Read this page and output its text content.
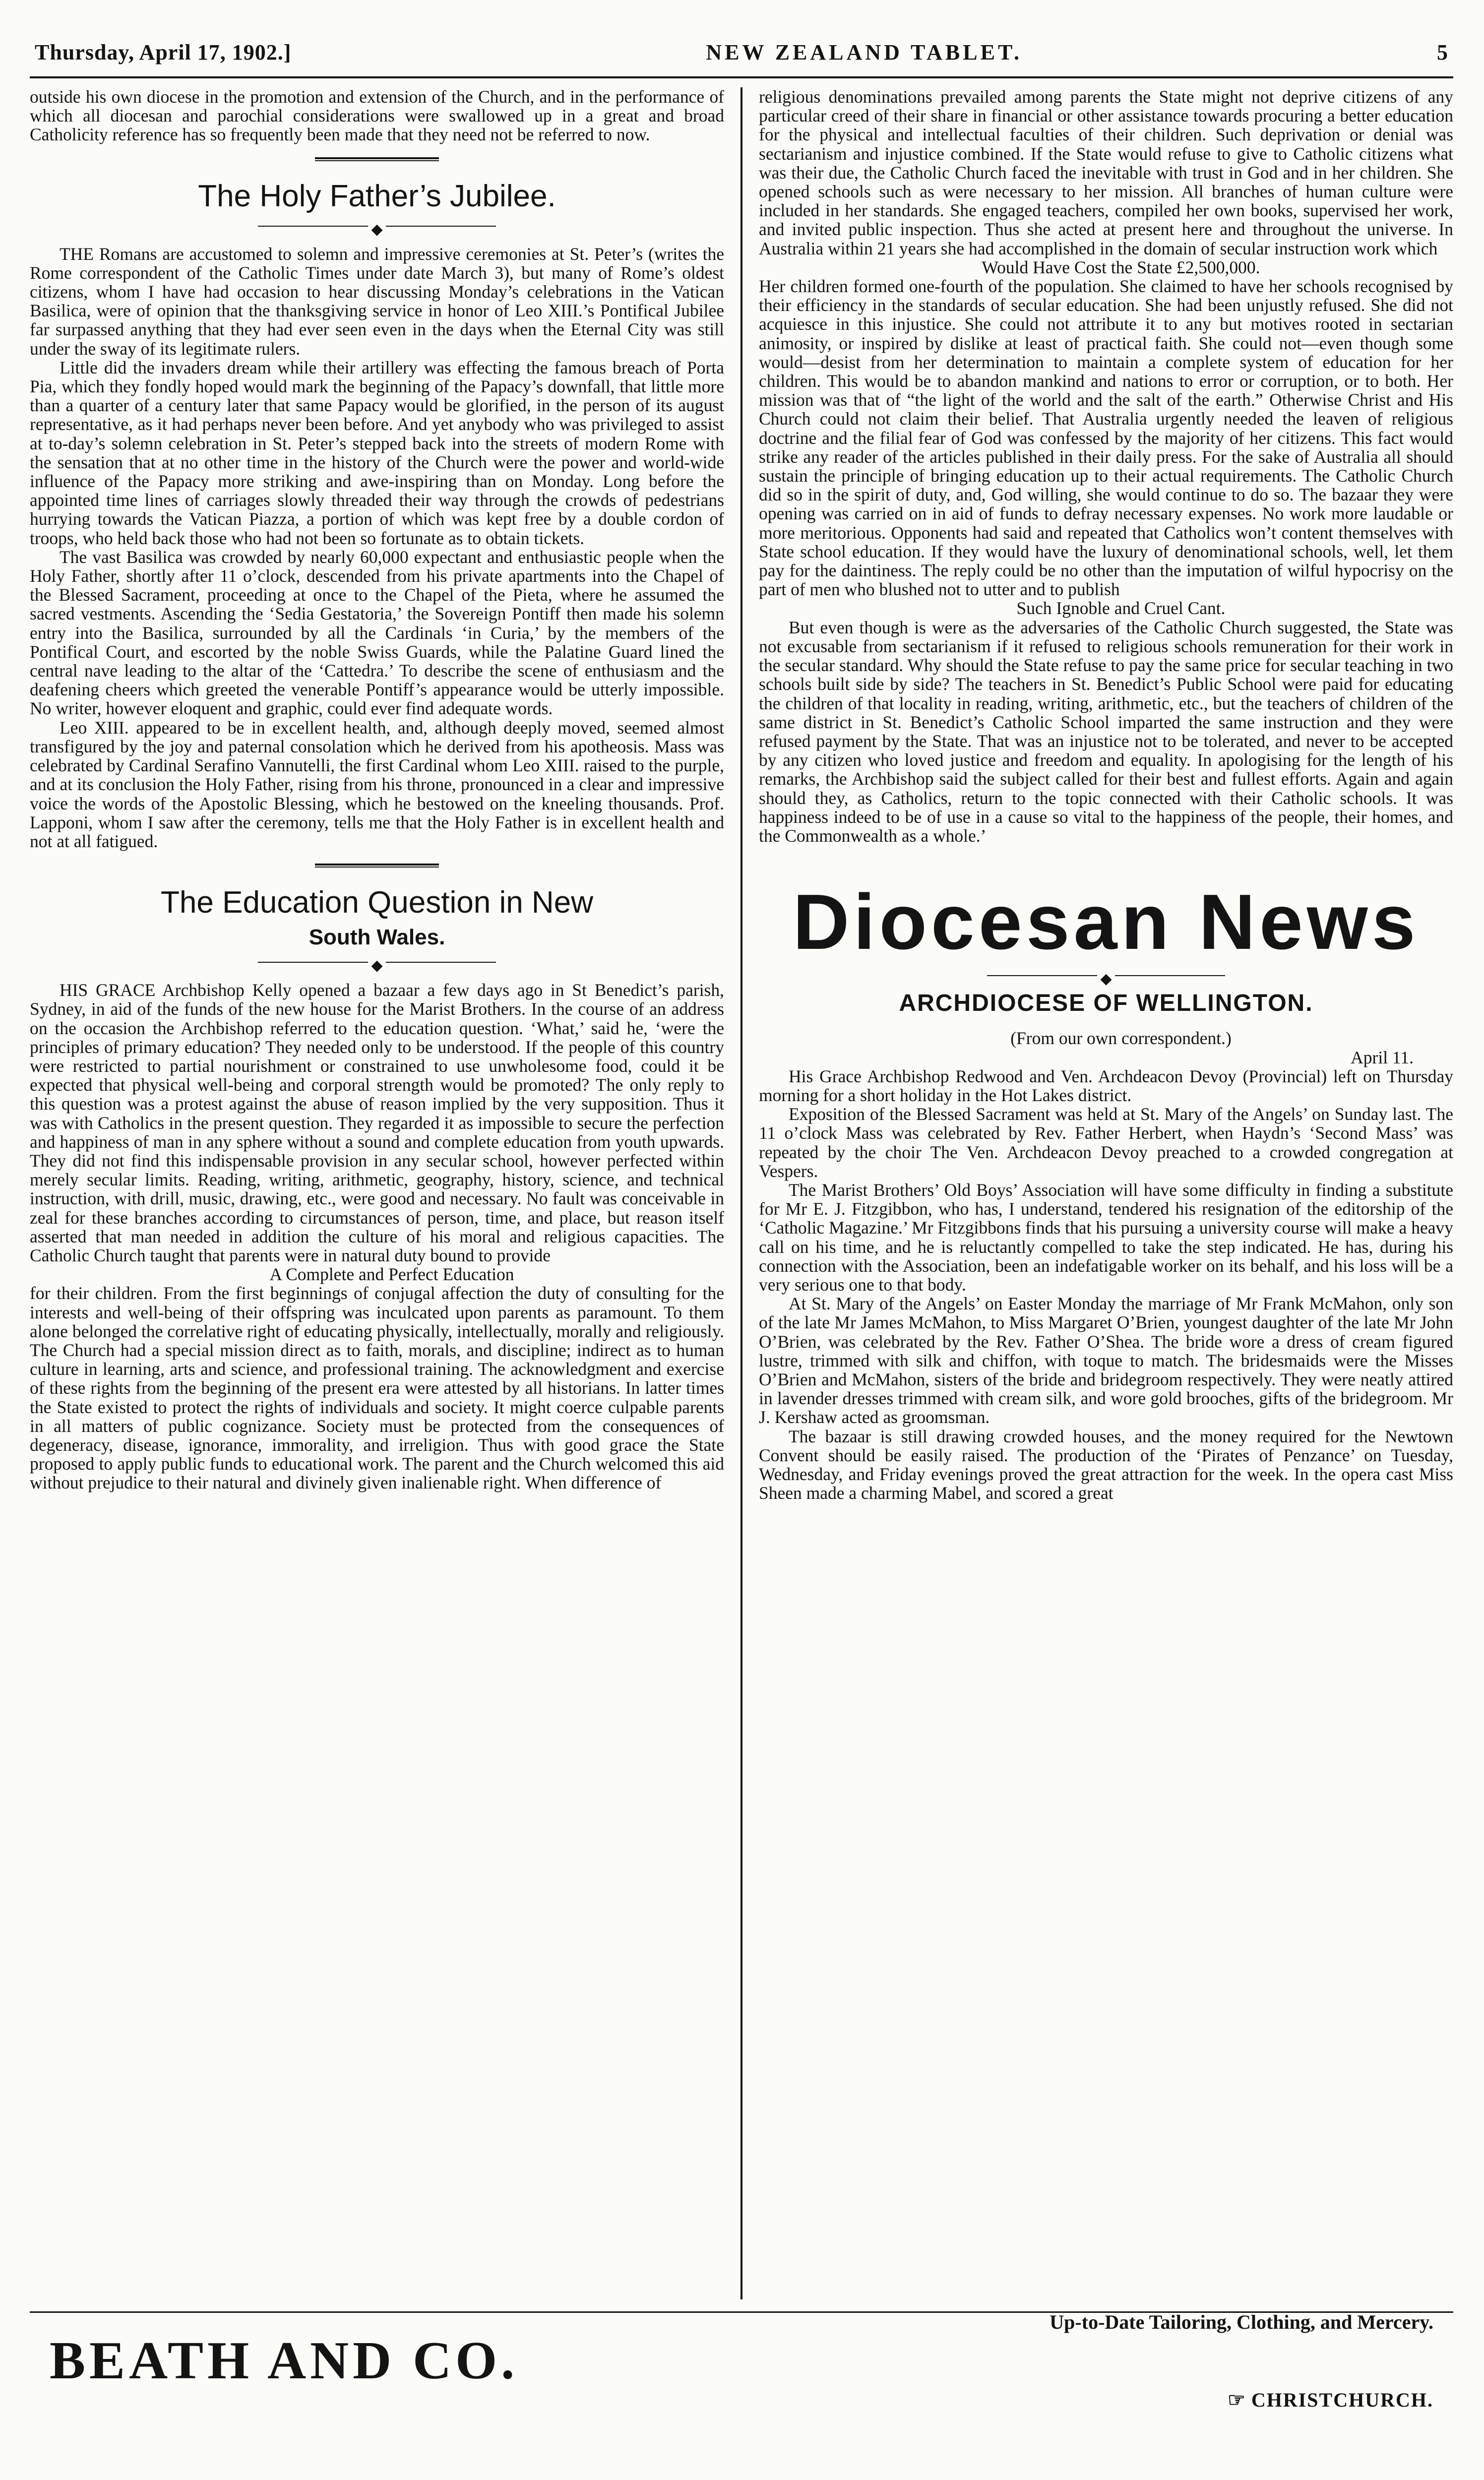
Thursday, April 17, 1902.]	NEW ZEALAND TABLET.	5

outside his own diocese in the promotion and extension of the Church, and in the performance of which all diocesan and parochial considerations were swallowed up in a great and broad Catholicity reference has so frequently been made that they need not be referred to now.

The Holy Father’s Jubilee.
◆

THE Romans are accustomed to solemn and impressive ceremonies at St. Peter’s (writes the Rome correspondent of the Catholic Times under date March 3), but many of Rome’s oldest citizens, whom I have had occasion to hear discussing Monday’s celebrations in the Vatican Basilica, were of opinion that the thanksgiving service in honor of Leo XIII.’s Pontifical Jubilee far surpassed anything that they had ever seen even in the days when the Eternal City was still under the sway of its legitimate rulers.

Little did the invaders dream while their artillery was effecting the famous breach of Porta Pia, which they fondly hoped would mark the beginning of the Papacy’s downfall, that little more than a quarter of a century later that same Papacy would be glorified, in the person of its august representative, as it had perhaps never been before. And yet anybody who was privileged to assist at to-day’s solemn celebration in St. Peter’s stepped back into the streets of modern Rome with the sensation that at no other time in the history of the Church were the power and world-wide influence of the Papacy more striking and awe-inspiring than on Monday. Long before the appointed time lines of carriages slowly threaded their way through the crowds of pedestrians hurrying towards the Vatican Piazza, a portion of which was kept free by a double cordon of troops, who held back those who had not been so fortunate as to obtain tickets.

The vast Basilica was crowded by nearly 60,000 expectant and enthusiastic people when the Holy Father, shortly after 11 o’clock, descended from his private apartments into the Chapel of the Blessed Sacrament, proceeding at once to the Chapel of the Pieta, where he assumed the sacred vestments. Ascending the ‘Sedia Gestatoria,’ the Sovereign Pontiff then made his solemn entry into the Basilica, surrounded by all the Cardinals ‘in Curia,’ by the members of the Pontifical Court, and escorted by the noble Swiss Guards, while the Palatine Guard lined the central nave leading to the altar of the ‘Cattedra.’ To describe the scene of enthusiasm and the deafening cheers which greeted the venerable Pontiff’s appearance would be utterly impossible. No writer, however eloquent and graphic, could ever find adequate words.

Leo XIII. appeared to be in excellent health, and, although deeply moved, seemed almost transfigured by the joy and paternal consolation which he derived from his apotheosis. Mass was celebrated by Cardinal Serafino Vannutelli, the first Cardinal whom Leo XIII. raised to the purple, and at its conclusion the Holy Father, rising from his throne, pronounced in a clear and impressive voice the words of the Apostolic Blessing, which he bestowed on the kneeling thousands. Prof. Lapponi, whom I saw after the ceremony, tells me that the Holy Father is in excellent health and not at all fatigued.

The Education Question in New
South Wales.
◆

HIS GRACE Archbishop Kelly opened a bazaar a few days ago in St Benedict’s parish, Sydney, in aid of the funds of the new house for the Marist Brothers. In the course of an address on the occasion the Archbishop referred to the education question. ‘What,’ said he, ‘were the principles of primary education? They needed only to be understood. If the people of this country were restricted to partial nourishment or constrained to use unwholesome food, could it be expected that physical well-being and corporal strength would be promoted? The only reply to this question was a protest against the abuse of reason implied by the very supposition. Thus it was with Catholics in the present question. They regarded it as impossible to secure the perfection and happiness of man in any sphere without a sound and complete education from youth upwards. They did not find this indispensable provision in any secular school, however perfected within merely secular limits. Reading, writing, arithmetic, geography, history, science, and technical instruction, with drill, music, drawing, etc., were good and necessary. No fault was conceivable in zeal for these branches according to circumstances of person, time, and place, but reason itself asserted that man needed in addition the culture of his moral and religious capacities. The Catholic Church taught that parents were in natural duty bound to provide

A Complete and Perfect Education

for their children. From the first beginnings of conjugal affection the duty of consulting for the interests and well-being of their offspring was inculcated upon parents as paramount. To them alone belonged the correlative right of educating physically, intellectually, morally and religiously. The Church had a special mission direct as to faith, morals, and discipline; indirect as to human culture in learning, arts and science, and professional training. The acknowledgment and exercise of these rights from the beginning of the present era were attested by all historians. In latter times the State existed to protect the rights of individuals and society. It might coerce culpable parents in all matters of public cognizance. Society must be protected from the consequences of degeneracy, disease, ignorance, immorality, and irreligion. Thus with good grace the State proposed to apply public funds to educational work. The parent and the Church welcomed this aid without prejudice to their natural and divinely given inalienable right. When difference of

religious denominations prevailed among parents the State might not deprive citizens of any particular creed of their share in financial or other assistance towards procuring a better education for the physical and intellectual faculties of their children. Such deprivation or denial was sectarianism and injustice combined. If the State would refuse to give to Catholic citizens what was their due, the Catholic Church faced the inevitable with trust in God and in her children. She opened schools such as were necessary to her mission. All branches of human culture were included in her standards. She engaged teachers, compiled her own books, supervised her work, and invited public inspection. Thus she acted at present here and throughout the universe. In Australia within 21 years she had accomplished in the domain of secular instruction work which

Would Have Cost the State £2,500,000.

Her children formed one-fourth of the population. She claimed to have her schools recognised by their efficiency in the standards of secular education. She had been unjustly refused. She did not acquiesce in this injustice. She could not attribute it to any but motives rooted in sectarian animosity, or inspired by dislike at least of practical faith. She could not—even though some would—desist from her determination to maintain a complete system of education for her children. This would be to abandon mankind and nations to error or corruption, or to both. Her mission was that of “the light of the world and the salt of the earth.” Otherwise Christ and His Church could not claim their belief. That Australia urgently needed the leaven of religious doctrine and the filial fear of God was confessed by the majority of her citizens. This fact would strike any reader of the articles published in their daily press. For the sake of Australia all should sustain the principle of bringing education up to their actual requirements. The Catholic Church did so in the spirit of duty, and, God willing, she would continue to do so. The bazaar they were opening was carried on in aid of funds to defray necessary expenses. No work more laudable or more meritorious. Opponents had said and repeated that Catholics won’t content themselves with State school education. If they would have the luxury of denominational schools, well, let them pay for the daintiness. The reply could be no other than the imputation of wilful hypocrisy on the part of men who blushed not to utter and to publish

Such Ignoble and Cruel Cant.

But even though is were as the adversaries of the Catholic Church suggested, the State was not excusable from sectarianism if it refused to religious schools remuneration for their work in the secular standard. Why should the State refuse to pay the same price for secular teaching in two schools built side by side? The teachers in St. Benedict’s Public School were paid for educating the children of that locality in reading, writing, arithmetic, etc., but the teachers of children of the same district in St. Benedict’s Catholic School imparted the same instruction and they were refused payment by the State. That was an injustice not to be tolerated, and never to be accepted by any citizen who loved justice and freedom and equality. In apologising for the length of his remarks, the Archbishop said the subject called for their best and fullest efforts. Again and again should they, as Catholics, return to the topic connected with their Catholic schools. It was happiness indeed to be of use in a cause so vital to the happiness of the people, their homes, and the Commonwealth as a whole.’

Diocesan News
◆
ARCHDIOCESE OF WELLINGTON.

(From our own correspondent.)

April 11.

His Grace Archbishop Redwood and Ven. Archdeacon Devoy (Provincial) left on Thursday morning for a short holiday in the Hot Lakes district.

Exposition of the Blessed Sacrament was held at St. Mary of the Angels’ on Sunday last. The 11 o’clock Mass was celebrated by Rev. Father Herbert, when Haydn’s ‘Second Mass’ was repeated by the choir The Ven. Archdeacon Devoy preached to a crowded congregation at Vespers.

The Marist Brothers’ Old Boys’ Association will have some difficulty in finding a substitute for Mr E. J. Fitzgibbon, who has, I understand, tendered his resignation of the editorship of the ‘Catholic Magazine.’ Mr Fitzgibbons finds that his pursuing a university course will make a heavy call on his time, and he is reluctantly compelled to take the step indicated. He has, during his connection with the Association, been an indefatigable worker on its behalf, and his loss will be a very serious one to that body.

At St. Mary of the Angels’ on Easter Monday the marriage of Mr Frank McMahon, only son of the late Mr James McMahon, to Miss Margaret O’Brien, youngest daughter of the late Mr John O’Brien, was celebrated by the Rev. Father O’Shea. The bride wore a dress of cream figured lustre, trimmed with silk and chiffon, with toque to match. The bridesmaids were the Misses O’Brien and McMahon, sisters of the bride and bridegroom respectively. They were neatly attired in lavender dresses trimmed with cream silk, and wore gold brooches, gifts of the bridegroom. Mr J. Kershaw acted as groomsman.

The bazaar is still drawing crowded houses, and the money required for the Newtown Convent should be easily raised. The production of the ‘Pirates of Penzance’ on Tuesday, Wednesday, and Friday evenings proved the great attraction for the week. In the opera cast Miss Sheen made a charming Mabel, and scored a great

BEATH AND CO.
Up-to-Date Tailoring, Clothing, and Mercery.
☞ CHRISTCHURCH.
